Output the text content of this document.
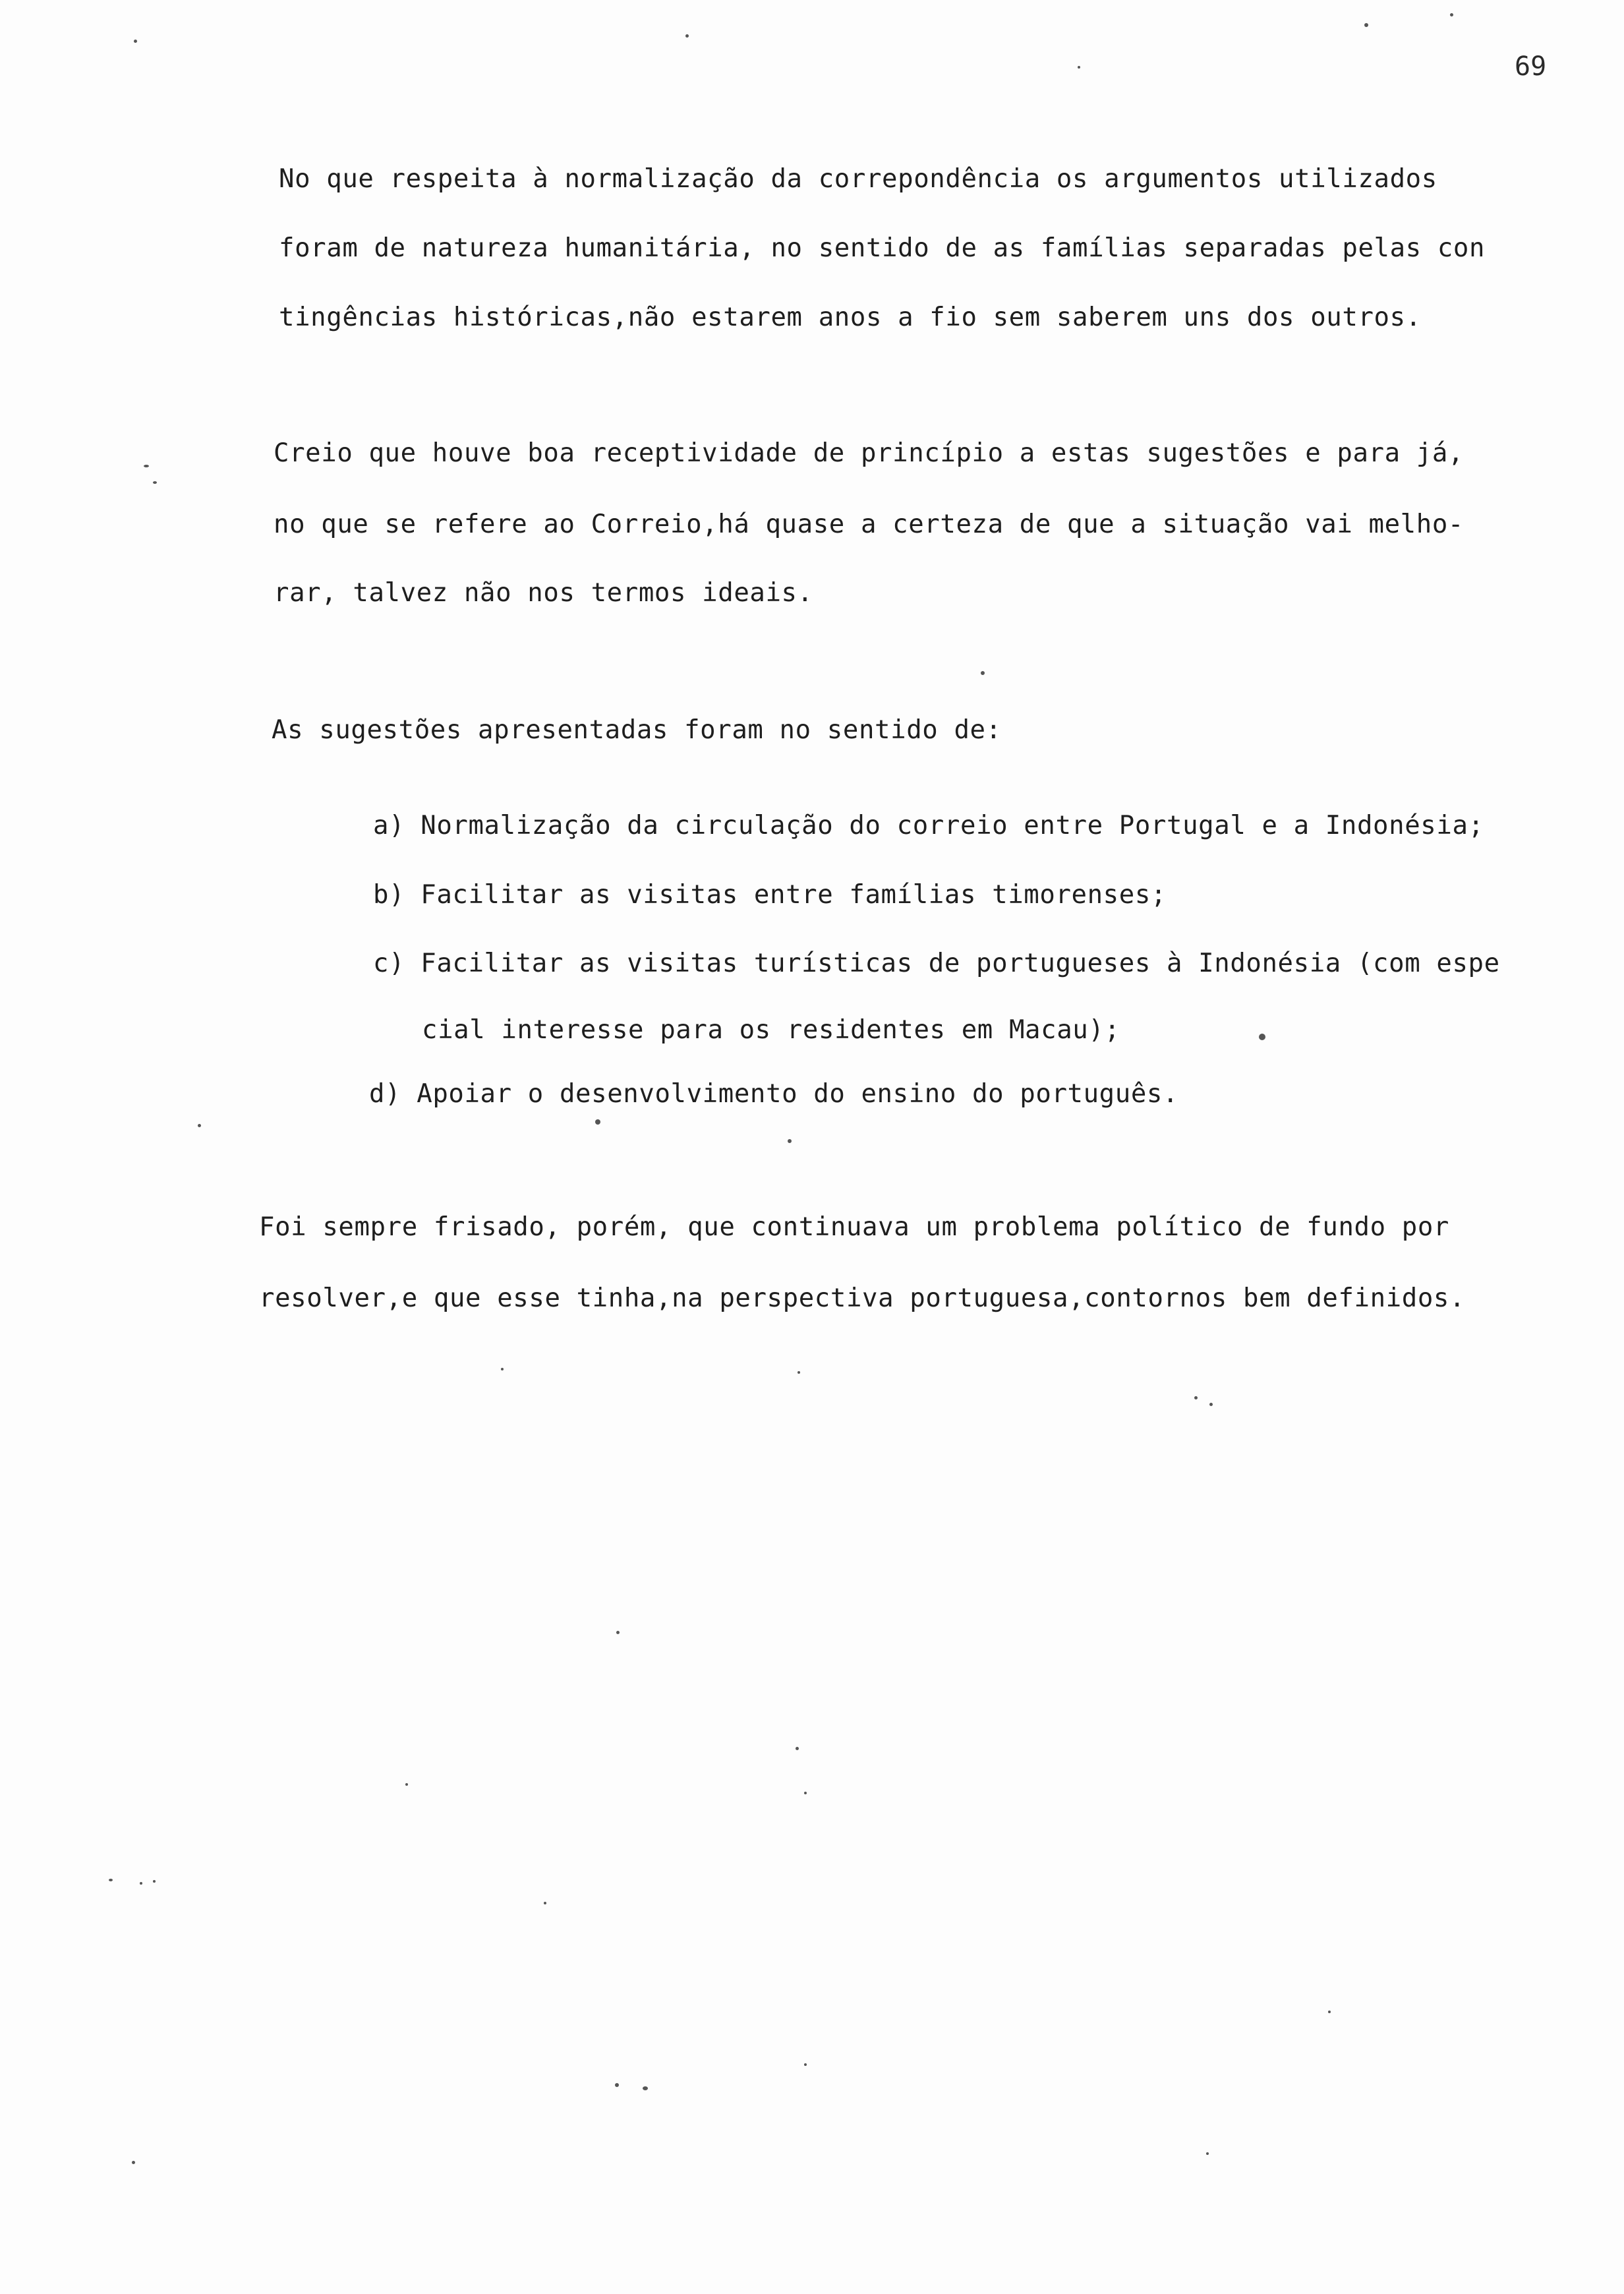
69
No que respeita à normalização da correpondência os argumentos utilizados
foram de natureza humanitária, no sentido de as famílias separadas pelas con
tingências históricas,não estarem anos a fio sem saberem uns dos outros.
Creio que houve boa receptividade de princípio a estas sugestões e para já,
no que se refere ao Correio,há quase a certeza de que a situação vai melho-
rar, talvez não nos termos ideais.
As sugestões apresentadas foram no sentido de:
a) Normalização da circulação do correio entre Portugal e a Indonésia;
b) Facilitar as visitas entre famílias timorenses;
c) Facilitar as visitas turísticas de portugueses à Indonésia (com espe
cial interesse para os residentes em Macau);
d) Apoiar o desenvolvimento do ensino do português.
Foi sempre frisado, porém, que continuava um problema político de fundo por
resolver,e que esse tinha,na perspectiva portuguesa,contornos bem definidos.
